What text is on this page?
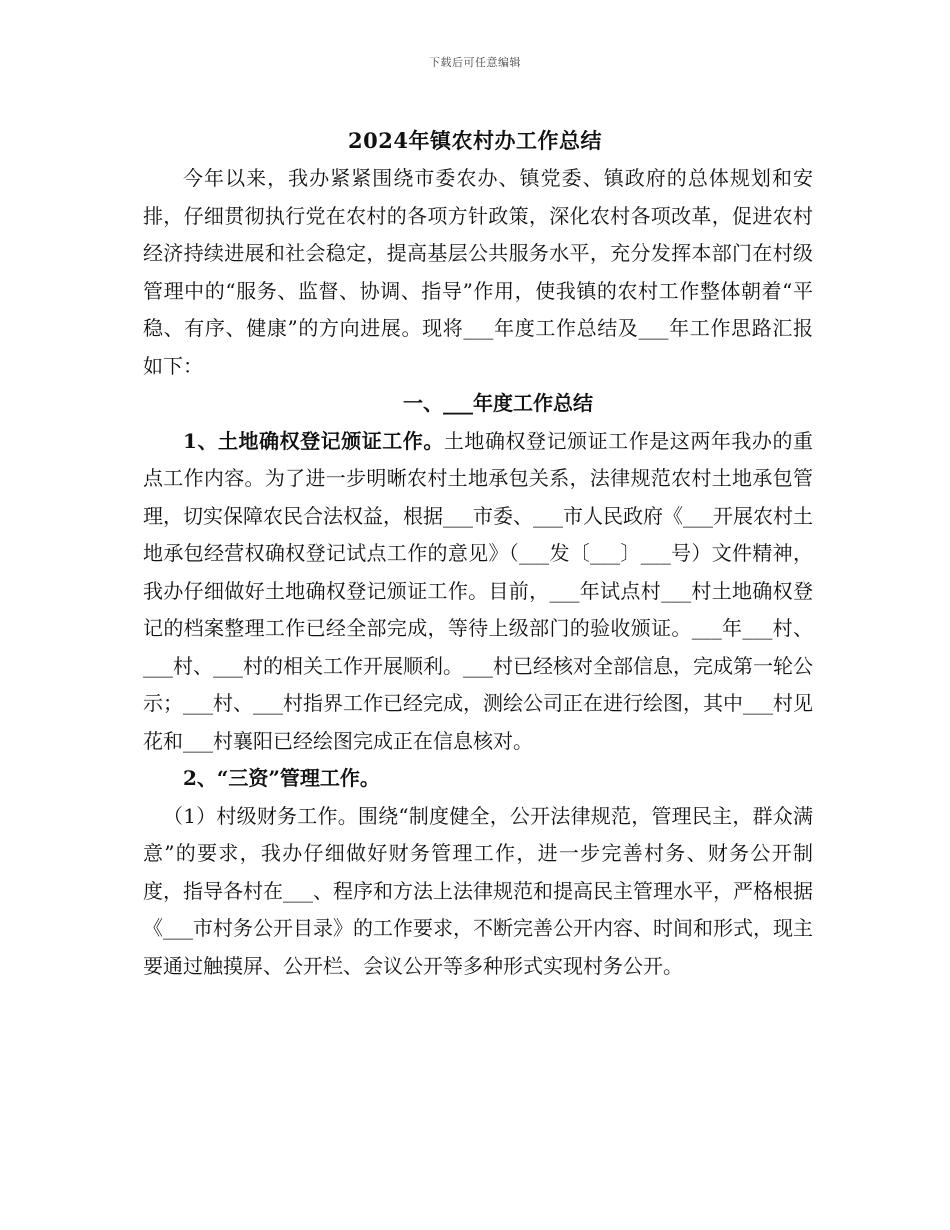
下载后可任意编辑
2024年镇农村办工作总结

今年以来，我办紧紧围绕市委农办、镇党委、镇政府的总体规划和安排，仔细贯彻执行党在农村的各项方针政策，深化农村各项改革，促进农村经济持续进展和社会稳定，提高基层公共服务水平，充分发挥本部门在村级管理中的“服务、监督、协调、指导”作用，使我镇的农村工作整体朝着“平稳、有序、健康”的方向进展。现将___年度工作总结及___年工作思路汇报如下：

一、___年度工作总结

1、土地确权登记颁证工作。土地确权登记颁证工作是这两年我办的重点工作内容。为了进一步明晰农村土地承包关系，法律规范农村土地承包管理，切实保障农民合法权益，根据___市委、___市人民政府《___开展农村土地承包经营权确权登记试点工作的意见》（___发〔___〕___号）文件精神，我办仔细做好土地确权登记颁证工作。目前，___年试点村___村土地确权登记的档案整理工作已经全部完成，等待上级部门的验收颁证。___年___村、___村、___村的相关工作开展顺利。___村已经核对全部信息，完成第一轮公示；___村、___村指界工作已经完成，测绘公司正在进行绘图，其中___村见花和___村襄阳已经绘图完成正在信息核对。

2、“三资”管理工作。

（1）村级财务工作。围绕“制度健全，公开法律规范，管理民主，群众满意”的要求，我办仔细做好财务管理工作，进一步完善村务、财务公开制度，指导各村在___、程序和方法上法律规范和提高民主管理水平，严格根据《___市村务公开目录》的工作要求，不断完善公开内容、时间和形式，现主要通过触摸屏、公开栏、会议公开等多种形式实现村务公开。
